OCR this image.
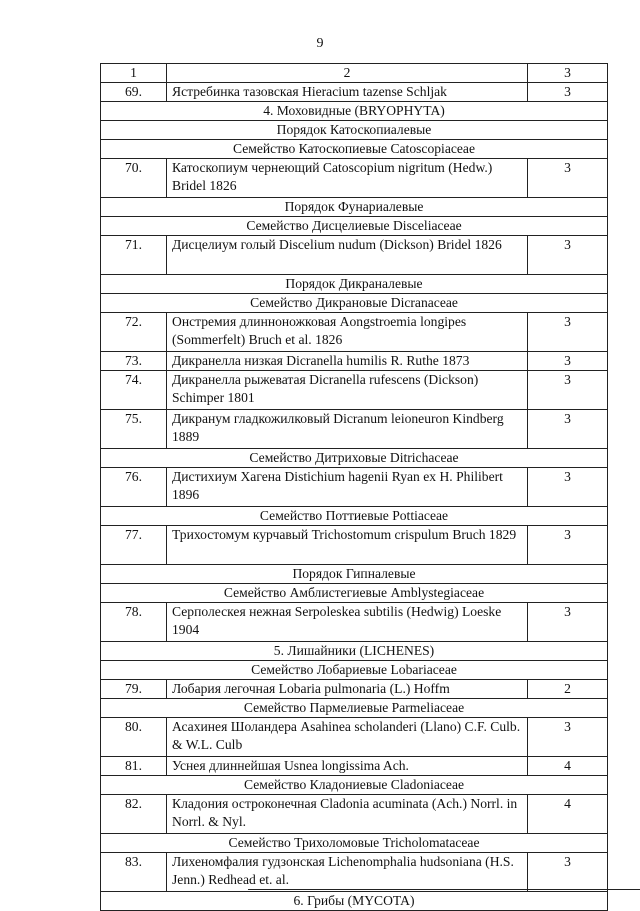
9
1	2	3
69.	Ястребинка тазовская Hieracium tazense Schljak	3
4. Моховидные (BRYOPHYTA)		
Порядок Катоскопиалевые		
Семейство Катоскопиевые Catoscopiaceae		
70.	Катоскопиум чернеющий Catoscopium nigritum (Hedw.) Bridel 1826	3
Порядок Фунариалевые		
Семейство Дисцелиевые Disceliaceae		
71.	Дисцелиум голый Discelium nudum (Dickson) Bridel 1826	3
Порядок Дикраналевые		
Семейство Дикрановые Dicranaceae		
72.	Онстремия длинноножковая Aongstroemia longipes (Sommerfelt) Bruch et al. 1826	3
73.	Дикранелла низкая Dicranella humilis R. Ruthe 1873	3
74.	Дикранелла рыжеватая Dicranella rufescens (Dickson) Schimper 1801	3
75.	Дикранум гладкожилковый Dicranum leioneuron Kindberg 1889	3
Семейство Дитриховые Ditrichaceae		
76.	Дистихиум Хагена Distichium hagenii Ryan ex H. Philibert 1896	3
Семейство Поттиевые Pottiaceae		
77.	Трихостомум курчавый Trichostomum crispulum Bruch 1829	3
Порядок Гипналевые		
Семейство Амблистегиевые Amblystegiaceae		
78.	Серполескея нежная Serpoleskea subtilis (Hedwig) Loeske 1904	3
5. Лишайники (LICHENES)		
Семейство Лобариевые Lobariaceae		
79.	Лобария легочная Lobaria pulmonaria (L.) Hoffm	2
Семейство Пармелиевые Parmeliaceae		
80.	Асахинея Шоландера Asahinea scholanderi (Llano) C.F. Culb. & W.L. Culb	3
81.	Уснея длиннейшая Usnea longissima Ach.	4
Семейство Кладониевые Cladoniaceae		
82.	Кладония остроконечная Cladonia acuminata (Ach.) Norrl. in Norrl. & Nyl.	4
Семейство Трихоломовые Tricholomataceae		
83.	Лихеномфалия гудзонская Lichenomphalia hudsoniana (H.S. Jenn.) Redhead et. al.	3
6. Грибы (MYCOTA)		
